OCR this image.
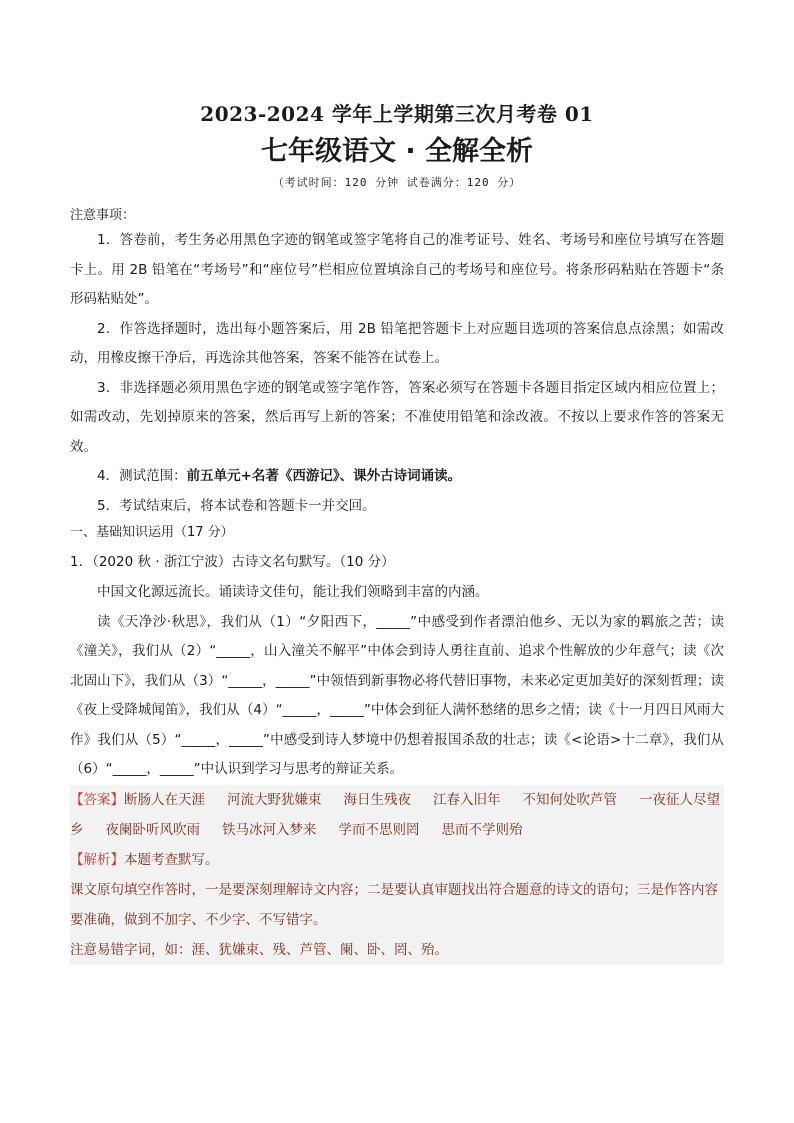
2023-2024 学年上学期第三次月考卷 01
七年级语文 · 全解全析
（考试时间：120 分钟 试卷满分：120 分）
注意事项：

1．答卷前，考生务必用黑色字迹的钢笔或签字笔将自己的准考证号、姓名、考场号和座位号填写在答题卡上。用 2B 铅笔在“考场号”和“座位号”栏相应位置填涂自己的考场号和座位号。将条形码粘贴在答题卡“条形码粘贴处”。

2．作答选择题时，选出每小题答案后，用 2B 铅笔把答题卡上对应题目选项的答案信息点涂黑；如需改动，用橡皮擦干净后，再选涂其他答案，答案不能答在试卷上。

3．非选择题必须用黑色字迹的钢笔或签字笔作答，答案必须写在答题卡各题目指定区域内相应位置上；如需改动，先划掉原来的答案，然后再写上新的答案；不准使用铅笔和涂改液。不按以上要求作答的答案无效。

4．测试范围：前五单元+名著《西游记》、课外古诗词诵读。

5．考试结束后，将本试卷和答题卡一并交回。

一、基础知识运用（17 分）
1．（2020 秋 · 浙江宁波）古诗文名句默写。（10 分）

中国文化源远流长。诵读诗文佳句，能让我们领略到丰富的内涵。

读《天净沙·秋思》，我们从（1）“夕阳西下，_____”中感受到作者漂泊他乡、无以为家的羁旅之苦；读《潼关》，我们从（2）“_____，山入潼关不解平”中体会到诗人勇往直前、追求个性解放的少年意气；读《次北固山下》，我们从（3）“_____，_____”中领悟到新事物必将代替旧事物，未来必定更加美好的深刻哲理；读《夜上受降城闻笛》，我们从（4）“_____，_____”中体会到征人满怀愁绪的思乡之情；读《十一月四日风雨大作》我们从（5）“_____，_____”中感受到诗人梦境中仍想着报国杀敌的壮志；读《<论语>十二章》，我们从（6）“_____，_____”中认识到学习与思考的辩证关系。

【答案】断肠人在天涯 河流大野犹嫌束 海日生残夜 江春入旧年 不知何处吹芦管 一夜征人尽望乡 夜阑卧听风吹雨 铁马冰河入梦来 学而不思则罔 思而不学则殆
【解析】本题考查默写。
课文原句填空作答时，一是要深刻理解诗文内容；二是要认真审题找出符合题意的诗文的语句；三是作答内容要准确，做到不加字、不少字、不写错字。
注意易错字词，如：涯、犹嫌束、残、芦管、阑、卧、罔、殆。
